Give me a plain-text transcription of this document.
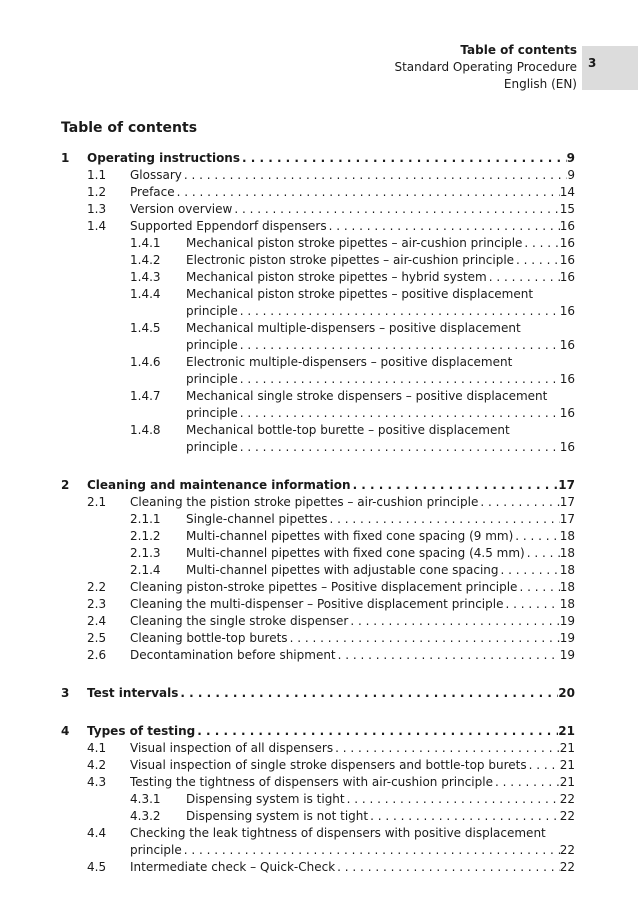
Table of contents
Standard Operating Procedure
English (EN)
3
Table of contents
1 Operating instructions . . .	9
1.1 Glossary . . .	9
1.2 Preface . . .	14
1.3 Version overview . . .	15
1.4 Supported Eppendorf dispensers . . .	16
1.4.1 Mechanical piston stroke pipettes – air-cushion principle . . .	16
1.4.2 Electronic piston stroke pipettes – air-cushion principle . . .	16
1.4.3 Mechanical piston stroke pipettes – hybrid system . . .	16
1.4.4 Mechanical piston stroke pipettes – positive displacement
principle . . .	16
1.4.5 Mechanical multiple-dispensers – positive displacement
principle . . .	16
1.4.6 Electronic multiple-dispensers – positive displacement
principle . . .	16
1.4.7 Mechanical single stroke dispensers – positive displacement
principle . . .	16
1.4.8 Mechanical bottle-top burette – positive displacement
principle . . .	16
2 Cleaning and maintenance information . . .	17
2.1 Cleaning the pistion stroke pipettes – air-cushion principle . . .	17
2.1.1 Single-channel pipettes . . .	17
2.1.2 Multi-channel pipettes with fixed cone spacing (9 mm) . . .	18
2.1.3 Multi-channel pipettes with fixed cone spacing (4.5 mm) . . .	18
2.1.4 Multi-channel pipettes with adjustable cone spacing . . .	18
2.2 Cleaning piston-stroke pipettes – Positive displacement principle . . .	18
2.3 Cleaning the multi-dispenser – Positive displacement principle . . .	18
2.4 Cleaning the single stroke dispenser . . .	19
2.5 Cleaning bottle-top burets . . .	19
2.6 Decontamination before shipment . . .	19
3 Test intervals . . .	20
4 Types of testing . . .	21
4.1 Visual inspection of all dispensers . . .	21
4.2 Visual inspection of single stroke dispensers and bottle-top burets . . .	21
4.3 Testing the tightness of dispensers with air-cushion principle . . .	21
4.3.1 Dispensing system is tight . . .	22
4.3.2 Dispensing system is not tight . . .	22
4.4 Checking the leak tightness of dispensers with positive displacement
principle . . .	22
4.5 Intermediate check – Quick-Check . . .	22
